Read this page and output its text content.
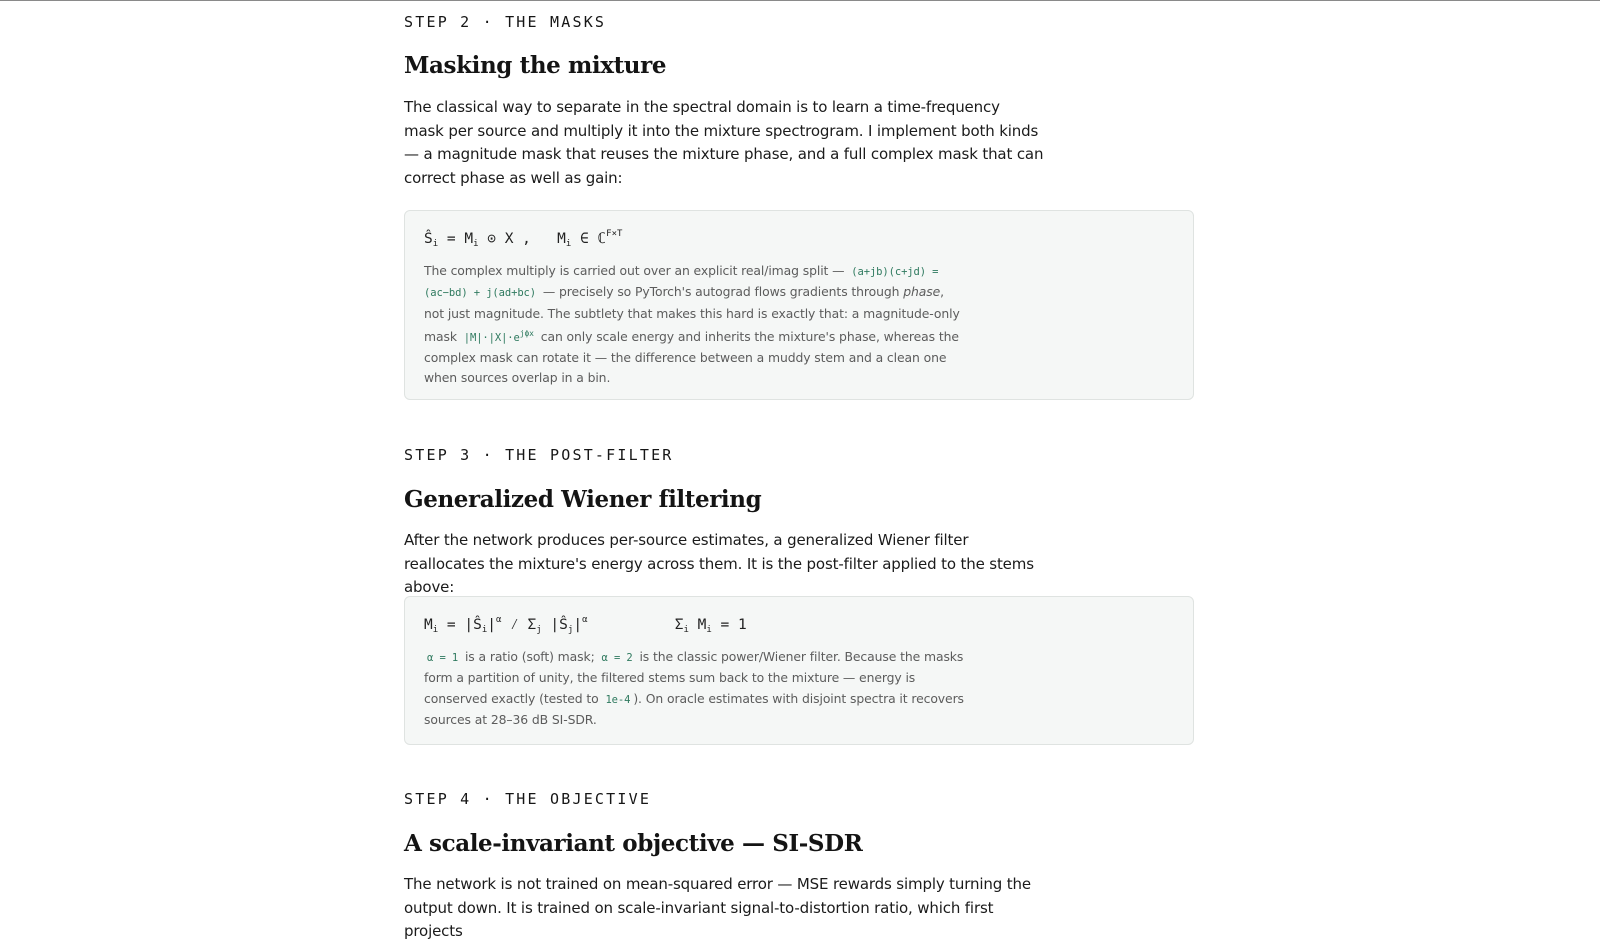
STEP 2 · THE MASKS

Masking the mixture

The classical way to separate in the spectral domain is to learn a time-frequency mask per source and multiply it into the mixture spectrogram. I implement both kinds — a magnitude mask that reuses the mixture phase, and a full complex mask that can correct phase as well as gain:

$Ŝ_i = M_i$ ⊙ X ,   $M_i$ ∈ ℂ$^{F\times T}$

The complex multiply is carried out over an explicit real/imag split — (a+jb)(c+jd) = (ac−bd) + j(ad+bc) — precisely so PyTorch's autograd flows gradients through phase, not just magnitude. The subtlety that makes this hard is exactly that: a magnitude-only mask $|M|\cdot|X|\cdot e^{j\phi x}$ can only scale energy and inherits the mixture's phase, whereas the complex mask can rotate it — the difference between a muddy stem and a clean one when sources overlap in a bin.

STEP 3 · THE POST-FILTER

Generalized Wiener filtering

After the network produces per-source estimates, a generalized Wiener filter reallocates the mixture's energy across them. It is the post-filter applied to the stems above:

$M_i$ = $|Ŝ_i|^\alpha$ ⁄ $\Sigma_j$ $|Ŝ_j|^\alpha$          $\Sigma_i$ $M_i = 1$

α = 1 is a ratio (soft) mask; α = 2 is the classic power/Wiener filter. Because the masks form a partition of unity, the filtered stems sum back to the mixture — energy is conserved exactly (tested to 1e-4 ). On oracle estimates with disjoint spectra it recovers sources at 28–36 dB SI-SDR.

STEP 4 · THE OBJECTIVE

A scale-invariant objective — SI-SDR

The network is not trained on mean-squared error — MSE rewards simply turning the output down. It is trained on scale-invariant signal-to-distortion ratio, which first projects
